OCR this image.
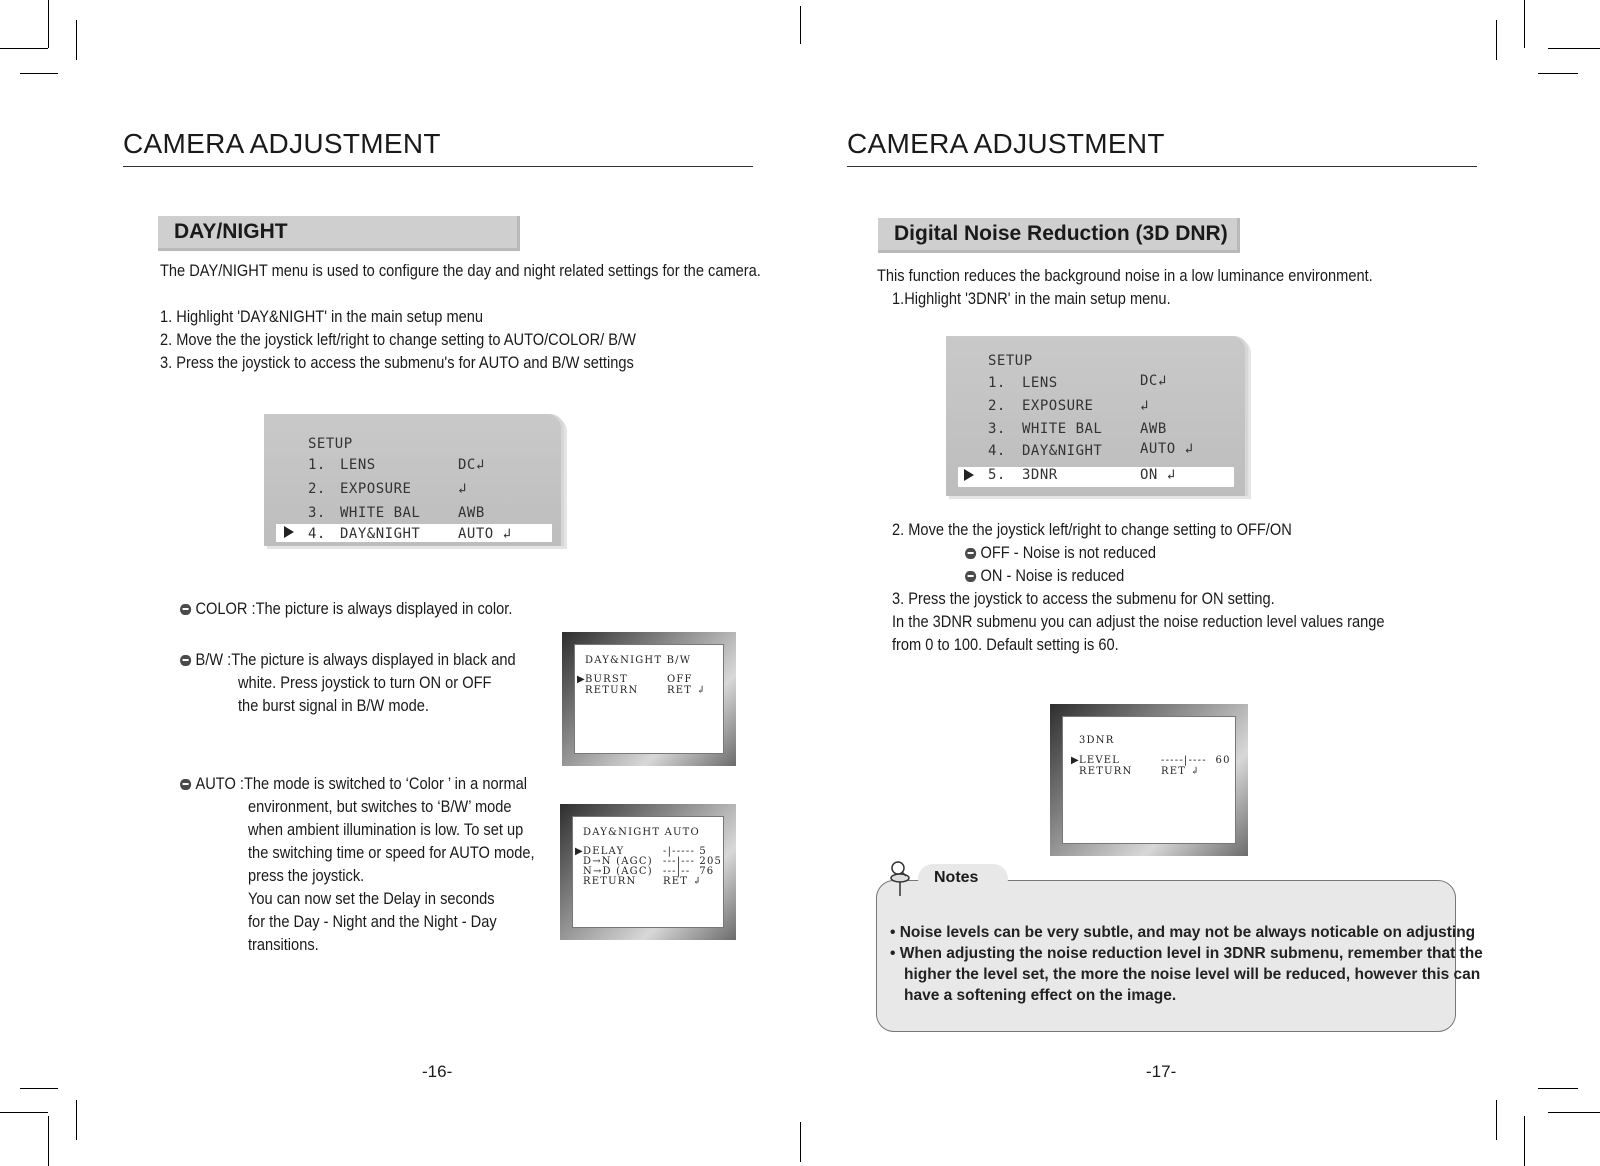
CAMERA ADJUSTMENT
DAY/NIGHT
The DAY/NIGHT menu is used to configure the day and night related settings for the camera.
1. Highlight 'DAY&NIGHT' in the main setup menu
2. Move the the joystick left/right to change setting to AUTO/COLOR/ B/W
3. Press the joystick to access the submenu's for AUTO and B/W settings
SETUP
1. LENS	DC↲
2. EXPOSURE	↲
3. WHITE BAL	AWB
4. DAY&NIGHT	AUTO ↲
COLOR :The picture is always displayed in color.
B/W :The picture is always displayed in black and
white. Press joystick to turn ON or OFF
the burst signal in B/W mode.
AUTO :The mode is switched to ‘Color ’ in a normal
environment, but switches to ‘B/W’ mode
when ambient illumination is low. To set up
the switching time or speed for AUTO mode,
press the joystick.
You can now set the Delay in seconds
for the Day - Night and the Night - Day
transitions.
DAY&NIGHT B/W
▶ BURST	OFF
RETURN	RET ↲
DAY&NIGHT AUTO
▶ DELAY	-|----- 5
D→N (AGC) ---|--- 205
N→D (AGC) ---|--  76
RETURN	RET ↲
-16-
CAMERA ADJUSTMENT
Digital Noise Reduction (3D DNR)
This function reduces the background noise in a low luminance environment.
1.Highlight '3DNR' in the main setup menu.
SETUP
1. LENS	DC↲
2. EXPOSURE	↲
3. WHITE BAL	AWB
4. DAY&NIGHT	AUTO ↲
5. 3DNR	ON ↲
2. Move the the joystick left/right to change setting to OFF/ON
OFF - Noise is not reduced
ON - Noise is reduced
3. Press the joystick to access the submenu for ON setting.
In the 3DNR submenu you can adjust the noise reduction level values range
from 0 to 100. Default setting is 60.
3DNR
▶ LEVEL	-----|----  60
RETURN	RET ↲
Notes
• Noise levels can be very subtle, and may not be always noticable on adjusting
• When adjusting the noise reduction level in 3DNR submenu, remember that the
higher the level set, the more the noise level will be reduced, however this can
have a softening effect on the image.
-17-
